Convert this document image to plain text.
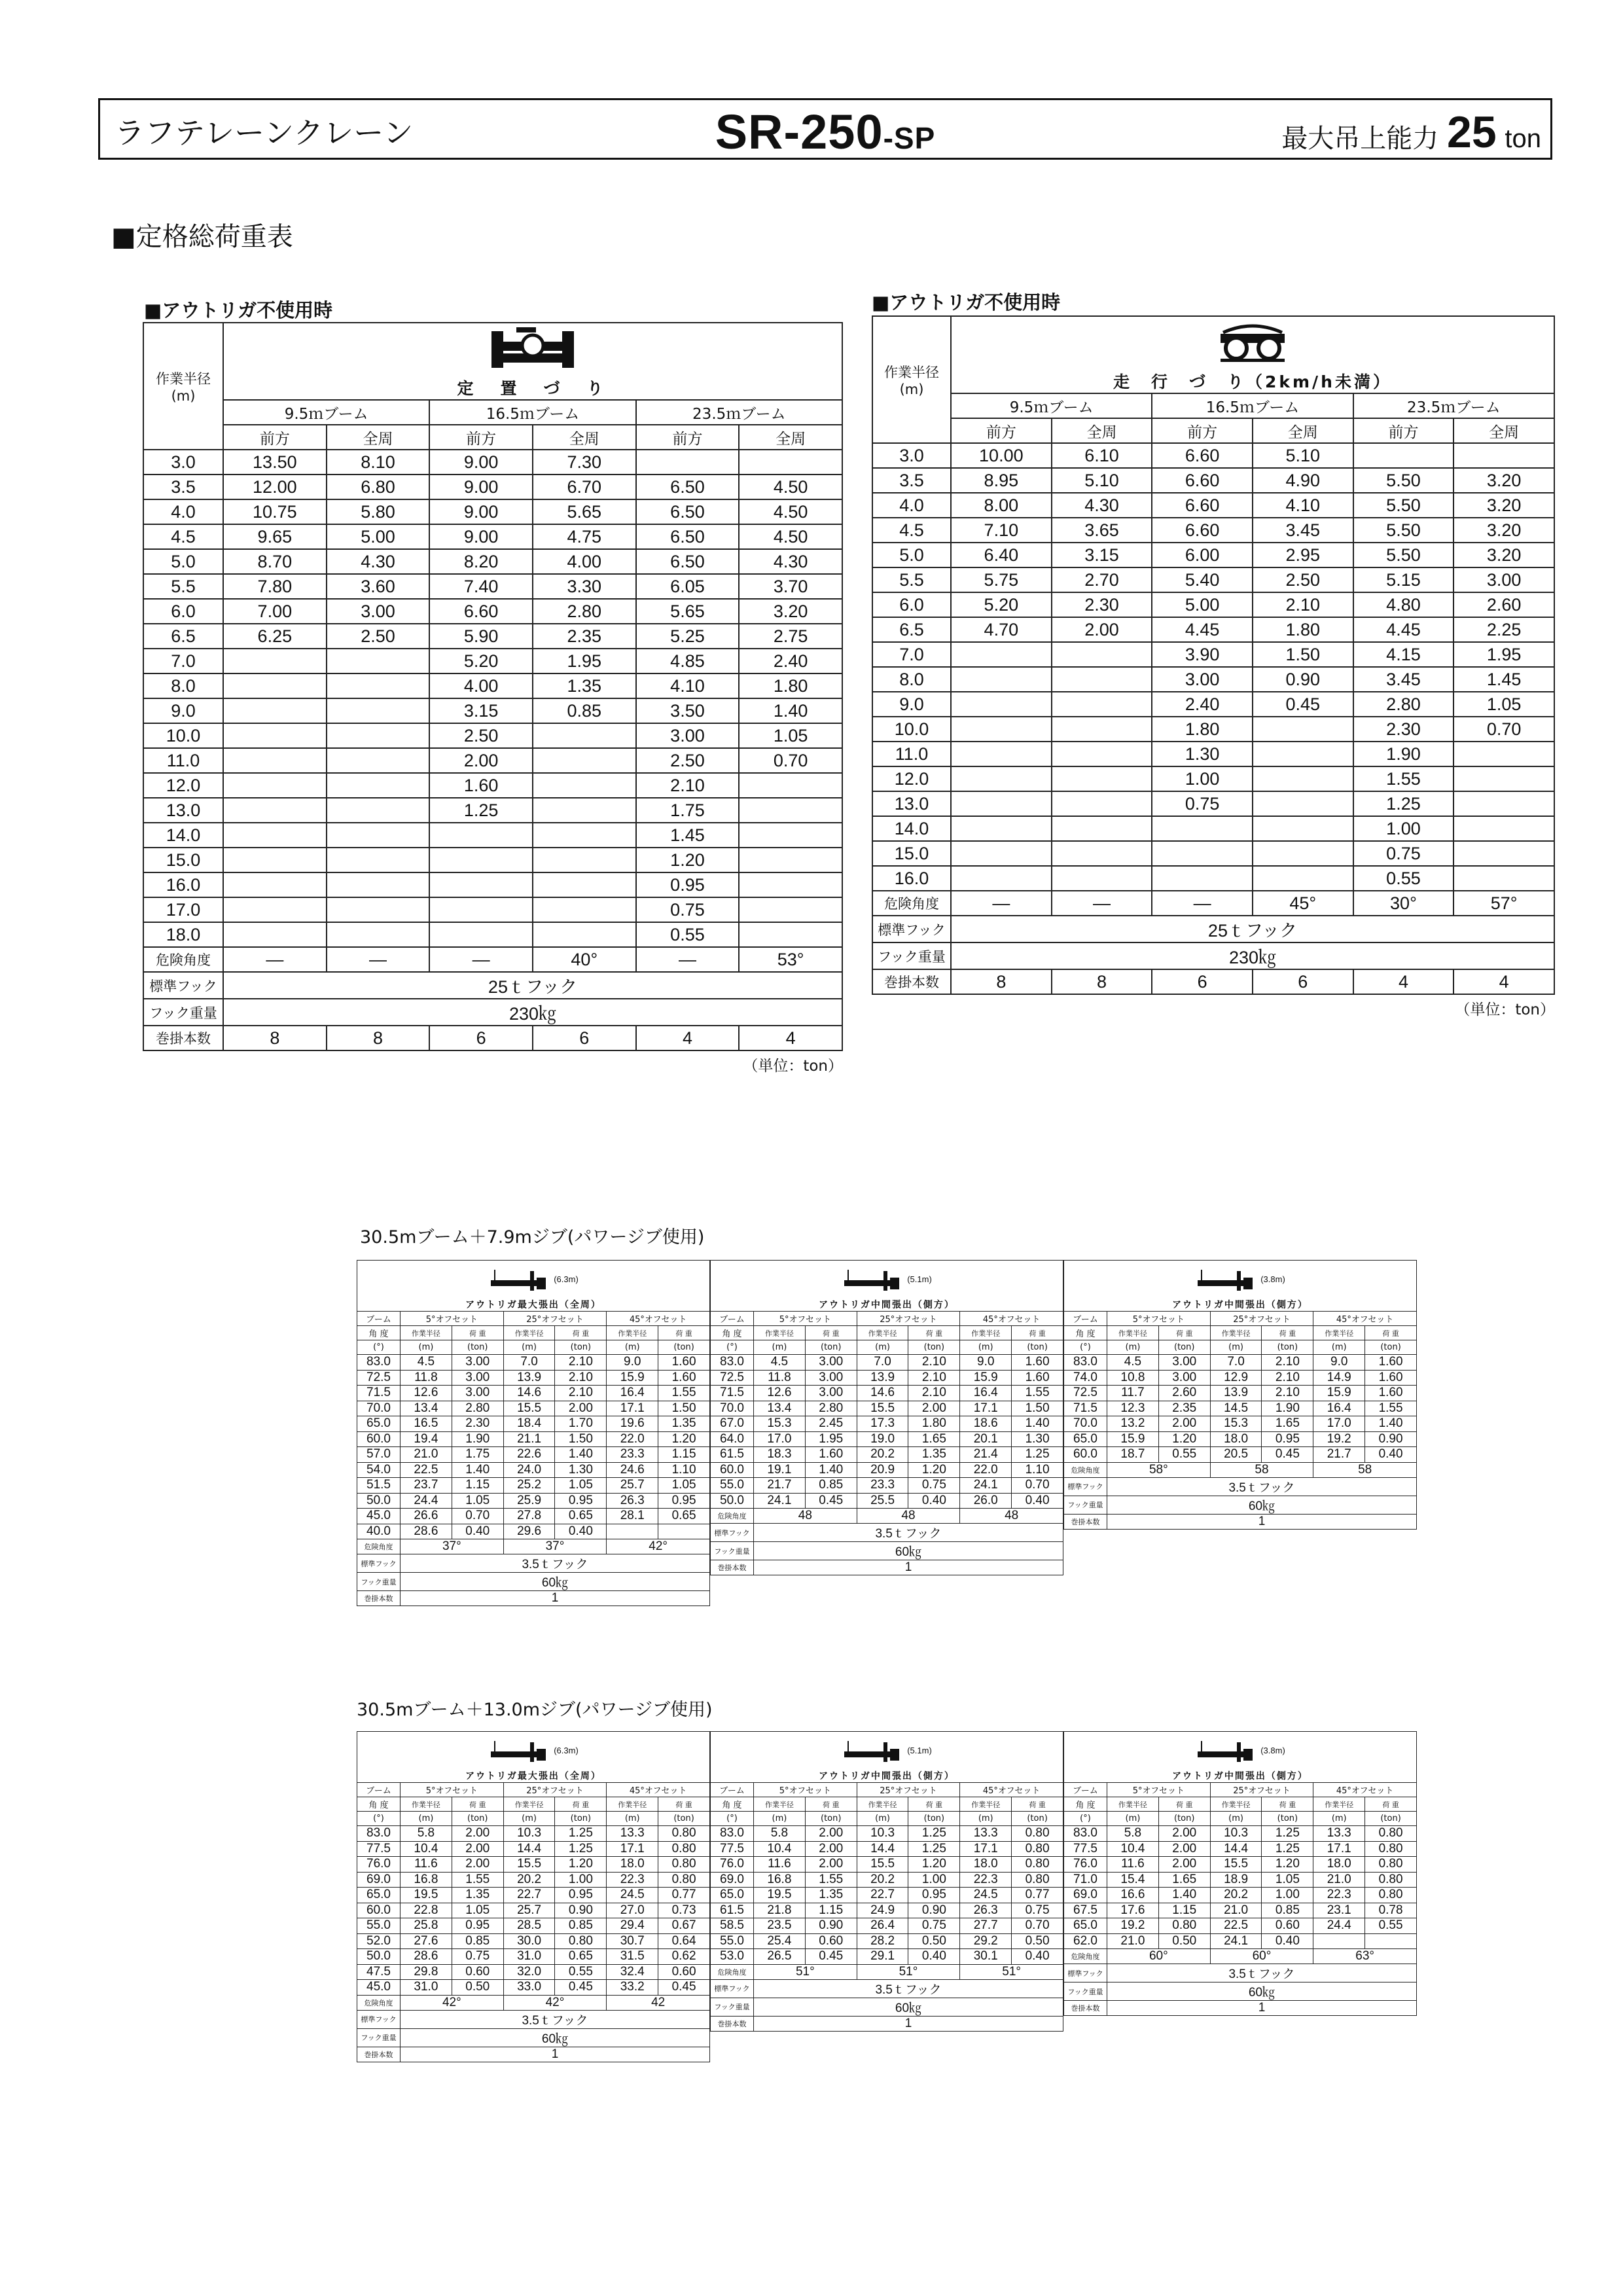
ラフテレーンクレーン	SR-250-SP	最大吊上能力 25 ton
■定格総荷重表
■アウトリガ不使用時
作業半径
(m)	
	定　置　づ　り					
	9.5ｍブーム		16.5ｍブーム		23.5ｍブーム	
	前方	全周	前方	全周	前方	全周
3.0	13.50	8.10	9.00	7.30		
3.5	12.00	6.80	9.00	6.70	6.50	4.50
4.0	10.75	5.80	9.00	5.65	6.50	4.50
4.5	9.65	5.00	9.00	4.75	6.50	4.50
5.0	8.70	4.30	8.20	4.00	6.50	4.30
5.5	7.80	3.60	7.40	3.30	6.05	3.70
6.0	7.00	3.00	6.60	2.80	5.65	3.20
6.5	6.25	2.50	5.90	2.35	5.25	2.75
7.0			5.20	1.95	4.85	2.40
8.0			4.00	1.35	4.10	1.80
9.0			3.15	0.85	3.50	1.40
10.0			2.50		3.00	1.05
11.0			2.00		2.50	0.70
12.0			1.60		2.10	
13.0			1.25		1.75	
14.0					1.45	
15.0					1.20	
16.0					0.95	
17.0					0.75	
18.0					0.55	
危険角度	—	—	—	40°	—	53°
標準フック	25ｔフック					
フック重量	230㎏					
巻掛本数	8	8	6	6	4	4
（単位：ton）
■アウトリガ不使用時
作業半径
(m)	
	走　行　づ　り（2km/h未満）					
	9.5ｍブーム		16.5ｍブーム		23.5ｍブーム	
	前方	全周	前方	全周	前方	全周
3.0	10.00	6.10	6.60	5.10		
3.5	8.95	5.10	6.60	4.90	5.50	3.20
4.0	8.00	4.30	6.60	4.10	5.50	3.20
4.5	7.10	3.65	6.60	3.45	5.50	3.20
5.0	6.40	3.15	6.00	2.95	5.50	3.20
5.5	5.75	2.70	5.40	2.50	5.15	3.00
6.0	5.20	2.30	5.00	2.10	4.80	2.60
6.5	4.70	2.00	4.45	1.80	4.45	2.25
7.0			3.90	1.50	4.15	1.95
8.0			3.00	0.90	3.45	1.45
9.0			2.40	0.45	2.80	1.05
10.0			1.80		2.30	0.70
11.0			1.30		1.90	
12.0			1.00		1.55	
13.0			0.75		1.25	
14.0					1.00	
15.0					0.75	
16.0					0.55	
危険角度	—	—	—	45°	30°	57°
標準フック	25ｔフック					
フック重量	230㎏					
巻掛本数	8	8	6	6	4	4
（単位：ton）
30.5mブーム＋7.9mジブ(パワージブ使用)
(6.3m)						
アウトリガ最大張出（全周）						
ブーム	5°オフセット		25°オフセット		45°オフセット	
角 度	作業半径	荷 重	作業半径	荷 重	作業半径	荷 重
(°)	(m)	(ton)	(m)	(ton)	(m)	(ton)
83.0	4.5	3.00	7.0	2.10	9.0	1.60
72.5	11.8	3.00	13.9	2.10	15.9	1.60
71.5	12.6	3.00	14.6	2.10	16.4	1.55
70.0	13.4	2.80	15.5	2.00	17.1	1.50
65.0	16.5	2.30	18.4	1.70	19.6	1.35
60.0	19.4	1.90	21.1	1.50	22.0	1.20
57.0	21.0	1.75	22.6	1.40	23.3	1.15
54.0	22.5	1.40	24.0	1.30	24.6	1.10
51.5	23.7	1.15	25.2	1.05	25.7	1.05
50.0	24.4	1.05	25.9	0.95	26.3	0.95
45.0	26.6	0.70	27.8	0.65	28.1	0.65
40.0	28.6	0.40	29.6	0.40		
危険角度	37°		37°		42°	
標準フック	3.5ｔフック					
フック重量	60㎏					
巻掛本数	1					
(5.1m)						
アウトリガ中間張出（側方）						
ブーム	5°オフセット		25°オフセット		45°オフセット	
角 度	作業半径	荷 重	作業半径	荷 重	作業半径	荷 重
(°)	(m)	(ton)	(m)	(ton)	(m)	(ton)
83.0	4.5	3.00	7.0	2.10	9.0	1.60
72.5	11.8	3.00	13.9	2.10	15.9	1.60
71.5	12.6	3.00	14.6	2.10	16.4	1.55
70.0	13.4	2.80	15.5	2.00	17.1	1.50
67.0	15.3	2.45	17.3	1.80	18.6	1.40
64.0	17.0	1.95	19.0	1.65	20.1	1.30
61.5	18.3	1.60	20.2	1.35	21.4	1.25
60.0	19.1	1.40	20.9	1.20	22.0	1.10
55.0	21.7	0.85	23.3	0.75	24.1	0.70
50.0	24.1	0.45	25.5	0.40	26.0	0.40
危険角度	48		48		48	
標準フック	3.5ｔフック					
フック重量	60㎏					
巻掛本数	1					
(3.8m)						
アウトリガ中間張出（側方）						
ブーム	5°オフセット		25°オフセット		45°オフセット	
角 度	作業半径	荷 重	作業半径	荷 重	作業半径	荷 重
(°)	(m)	(ton)	(m)	(ton)	(m)	(ton)
83.0	4.5	3.00	7.0	2.10	9.0	1.60
74.0	10.8	3.00	12.9	2.10	14.9	1.60
72.5	11.7	2.60	13.9	2.10	15.9	1.60
71.5	12.3	2.35	14.5	1.90	16.4	1.55
70.0	13.2	2.00	15.3	1.65	17.0	1.40
65.0	15.9	1.20	18.0	0.95	19.2	0.90
60.0	18.7	0.55	20.5	0.45	21.7	0.40
危険角度	58°		58		58	
標準フック	3.5ｔフック					
フック重量	60㎏					
巻掛本数	1					
30.5mブーム＋13.0mジブ(パワージブ使用)
(6.3m)						
アウトリガ最大張出（全周）						
ブーム	5°オフセット		25°オフセット		45°オフセット	
角 度	作業半径	荷 重	作業半径	荷 重	作業半径	荷 重
(°)	(m)	(ton)	(m)	(ton)	(m)	(ton)
83.0	5.8	2.00	10.3	1.25	13.3	0.80
77.5	10.4	2.00	14.4	1.25	17.1	0.80
76.0	11.6	2.00	15.5	1.20	18.0	0.80
69.0	16.8	1.55	20.2	1.00	22.3	0.80
65.0	19.5	1.35	22.7	0.95	24.5	0.77
60.0	22.8	1.05	25.7	0.90	27.0	0.73
55.0	25.8	0.95	28.5	0.85	29.4	0.67
52.0	27.6	0.85	30.0	0.80	30.7	0.64
50.0	28.6	0.75	31.0	0.65	31.5	0.62
47.5	29.8	0.60	32.0	0.55	32.4	0.60
45.0	31.0	0.50	33.0	0.45	33.2	0.45
危険角度	42°		42°		42	
標準フック	3.5ｔフック					
フック重量	60㎏					
巻掛本数	1					
(5.1m)						
アウトリガ中間張出（側方）						
ブーム	5°オフセット		25°オフセット		45°オフセット	
角 度	作業半径	荷 重	作業半径	荷 重	作業半径	荷 重
(°)	(m)	(ton)	(m)	(ton)	(m)	(ton)
83.0	5.8	2.00	10.3	1.25	13.3	0.80
77.5	10.4	2.00	14.4	1.25	17.1	0.80
76.0	11.6	2.00	15.5	1.20	18.0	0.80
69.0	16.8	1.55	20.2	1.00	22.3	0.80
65.0	19.5	1.35	22.7	0.95	24.5	0.77
61.5	21.8	1.15	24.9	0.90	26.3	0.75
58.5	23.5	0.90	26.4	0.75	27.7	0.70
55.0	25.4	0.60	28.2	0.50	29.2	0.50
53.0	26.5	0.45	29.1	0.40	30.1	0.40
危険角度	51°		51°		51°	
標準フック	3.5ｔフック					
フック重量	60㎏					
巻掛本数	1					
(3.8m)						
アウトリガ中間張出（側方）						
ブーム	5°オフセット		25°オフセット		45°オフセット	
角 度	作業半径	荷 重	作業半径	荷 重	作業半径	荷 重
(°)	(m)	(ton)	(m)	(ton)	(m)	(ton)
83.0	5.8	2.00	10.3	1.25	13.3	0.80
77.5	10.4	2.00	14.4	1.25	17.1	0.80
76.0	11.6	2.00	15.5	1.20	18.0	0.80
71.0	15.4	1.65	18.9	1.05	21.0	0.80
69.0	16.6	1.40	20.2	1.00	22.3	0.80
67.5	17.6	1.15	21.0	0.85	23.1	0.78
65.0	19.2	0.80	22.5	0.60	24.4	0.55
62.0	21.0	0.50	24.1	0.40		
危険角度	60°		60°		63°	
標準フック	3.5ｔフック					
フック重量	60㎏					
巻掛本数	1					
